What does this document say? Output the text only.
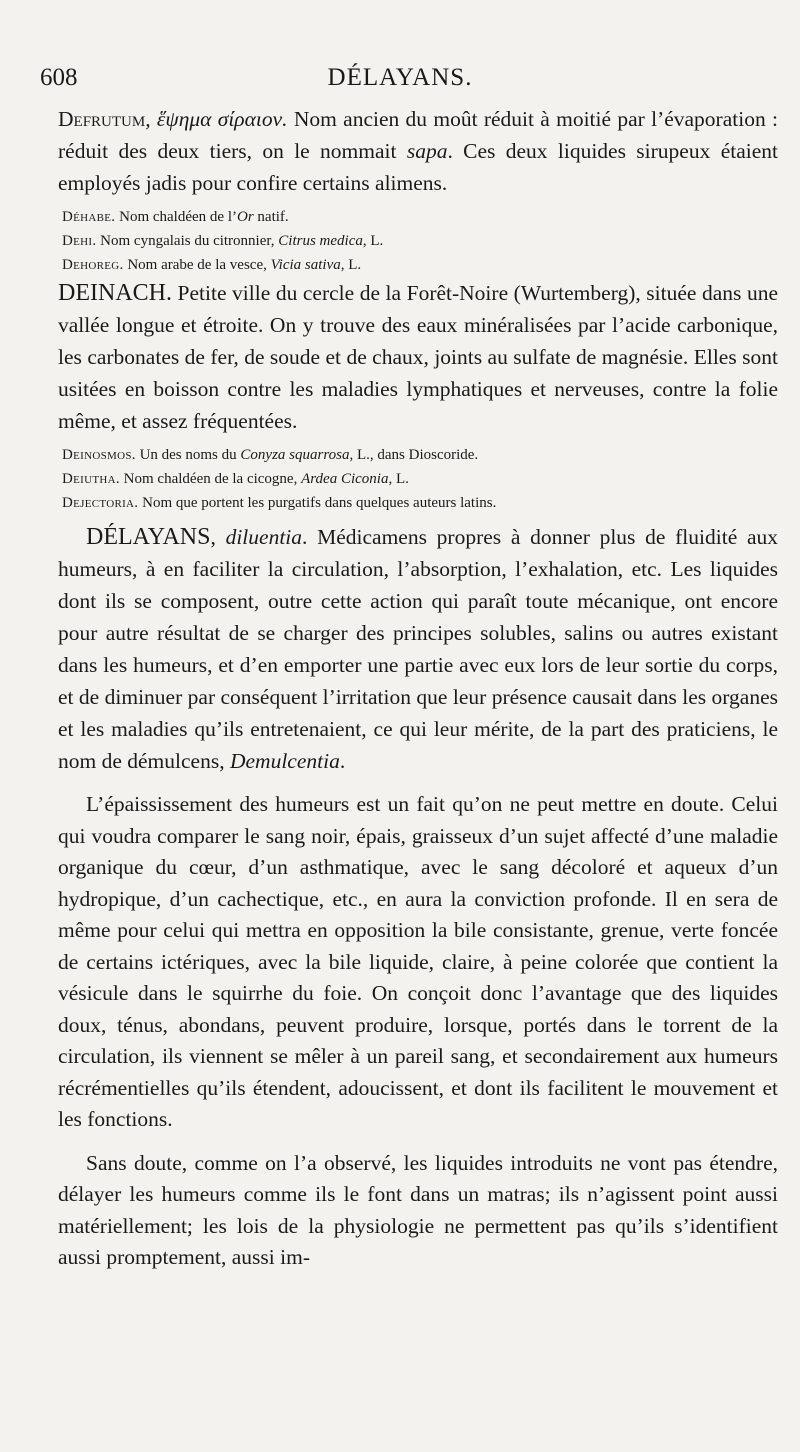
608	DÉLAYANS.

Defrutum, ἕψημα σίραιον. Nom ancien du moût réduit à moitié par l’évaporation : réduit des deux tiers, on le nommait sapa. Ces deux liquides sirupeux étaient employés jadis pour confire certains alimens.

Déhabe. Nom chaldéen de l’Or natif.

Dehi. Nom cyngalais du citronnier, Citrus medica, L.

Dehoreg. Nom arabe de la vesce, Vicia sativa, L.

DEINACH. Petite ville du cercle de la Forêt-Noire (Wurtemberg), située dans une vallée longue et étroite. On y trouve des eaux minéralisées par l’acide carbonique, les carbonates de fer, de soude et de chaux, joints au sulfate de magnésie. Elles sont usitées en boisson contre les maladies lymphatiques et nerveuses, contre la folie même, et assez fréquentées.

Deinosmos. Un des noms du Conyza squarrosa, L., dans Dioscoride.

Deiutha. Nom chaldéen de la cicogne, Ardea Ciconia, L.

Dejectoria. Nom que portent les purgatifs dans quelques auteurs latins.

DÉLAYANS, diluentia. Médicamens propres à donner plus de fluidité aux humeurs, à en faciliter la circulation, l’absorption, l’exhalation, etc. Les liquides dont ils se composent, outre cette action qui paraît toute mécanique, ont encore pour autre résultat de se charger des principes solubles, salins ou autres existant dans les humeurs, et d’en emporter une partie avec eux lors de leur sortie du corps, et de diminuer par conséquent l’irritation que leur présence causait dans les organes et les maladies qu’ils entretenaient, ce qui leur mérite, de la part des praticiens, le nom de démulcens, Demulcentia.

L’épaississement des humeurs est un fait qu’on ne peut mettre en doute. Celui qui voudra comparer le sang noir, épais, graisseux d’un sujet affecté d’une maladie organique du cœur, d’un asthmatique, avec le sang décoloré et aqueux d’un hydropique, d’un cachectique, etc., en aura la conviction profonde. Il en sera de même pour celui qui mettra en opposition la bile consistante, grenue, verte foncée de certains ictériques, avec la bile liquide, claire, à peine colorée que contient la vésicule dans le squirrhe du foie. On conçoit donc l’avantage que des liquides doux, ténus, abondans, peuvent produire, lorsque, portés dans le torrent de la circulation, ils viennent se mêler à un pareil sang, et secondairement aux humeurs récrémentielles qu’ils étendent, adoucissent, et dont ils facilitent le mouvement et les fonctions.

Sans doute, comme on l’a observé, les liquides introduits ne vont pas étendre, délayer les humeurs comme ils le font dans un matras; ils n’agissent point aussi matériellement; les lois de la physiologie ne permettent pas qu’ils s’identifient aussi promptement, aussi im-
